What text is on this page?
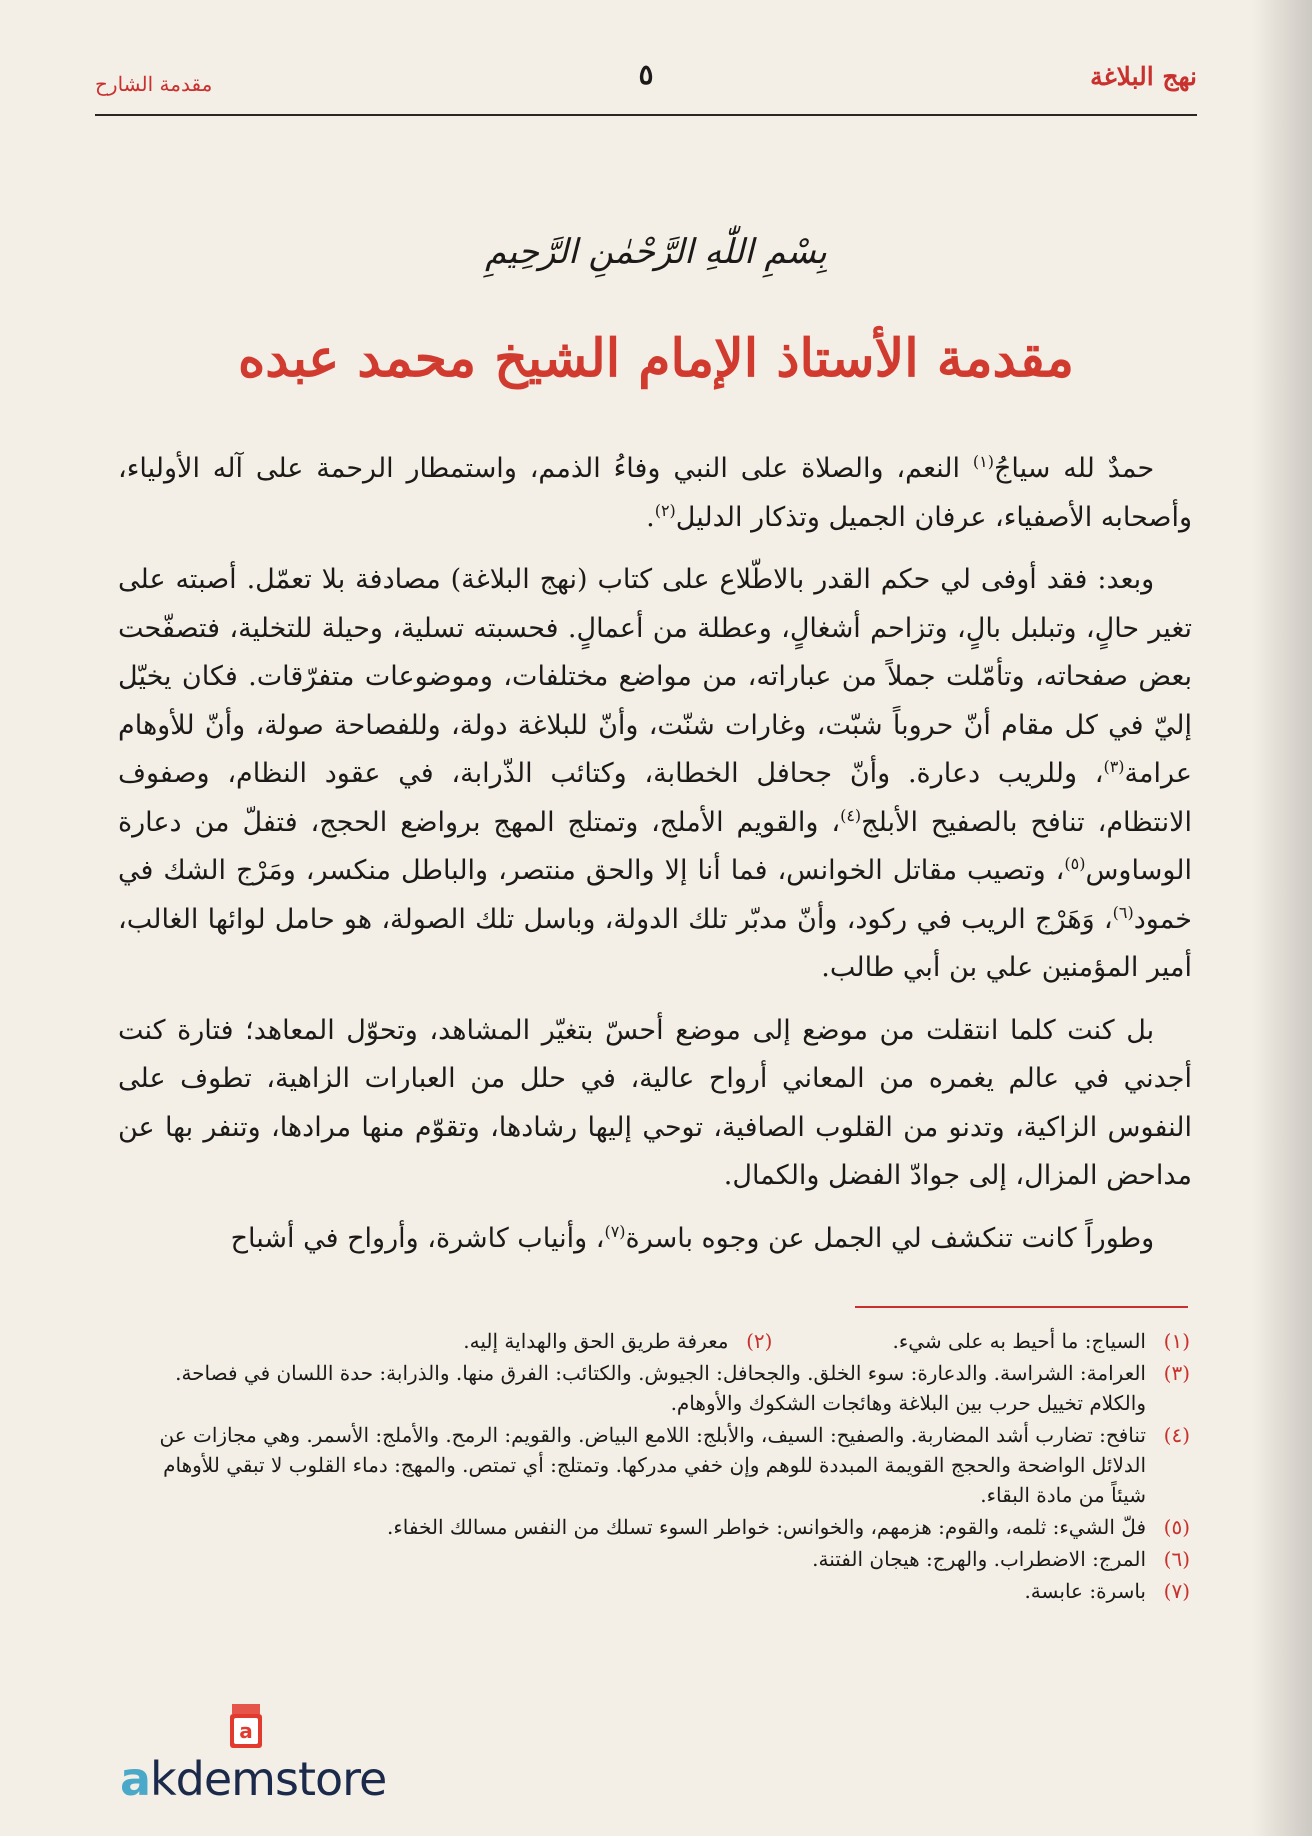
نهج البلاغة
٥
مقدمة الشارح
بِسْمِ اللّٰهِ الرَّحْمٰنِ الرَّحِيمِ
مقدمة الأستاذ الإمام الشيخ محمد عبده

حمدٌ لله سياجُ$^{(١)}$ النعم، والصلاة على النبي وفاءُ الذمم، واستمطار الرحمة على آله الأولياء، وأصحابه الأصفياء، عرفان الجميل وتذكار الدليل$^{(٢)}$.

وبعد: فقد أوفى لي حكم القدر بالاطّلاع على كتاب (نهج البلاغة) مصادفة بلا تعمّل. أصبته على تغير حالٍ، وتبلبل بالٍ، وتزاحم أشغالٍ، وعطلة من أعمالٍ. فحسبته تسلية، وحيلة للتخلية، فتصفّحت بعض صفحاته، وتأمّلت جملاً من عباراته، من مواضع مختلفات، وموضوعات متفرّقات. فكان يخيّل إليّ في كل مقام أنّ حروباً شبّت، وغارات شنّت، وأنّ للبلاغة دولة، وللفصاحة صولة، وأنّ للأوهام عرامة$^{(٣)}$، وللريب دعارة. وأنّ جحافل الخطابة، وكتائب الذّرابة، في عقود النظام، وصفوف الانتظام، تنافح بالصفيح الأبلج$^{(٤)}$، والقويم الأملج، وتمتلج المهج برواضع الحجج، فتفلّ من دعارة الوساوس$^{(٥)}$، وتصيب مقاتل الخوانس، فما أنا إلا والحق منتصر، والباطل منكسر، ومَرْج الشك في خمود$^{(٦)}$، وَهَرْج الريب في ركود، وأنّ مدبّر تلك الدولة، وباسل تلك الصولة، هو حامل لوائها الغالب، أمير المؤمنين علي بن أبي طالب.

بل كنت كلما انتقلت من موضع إلى موضع أحسّ بتغيّر المشاهد، وتحوّل المعاهد؛ فتارة كنت أجدني في عالم يغمره من المعاني أرواح عالية، في حلل من العبارات الزاهية، تطوف على النفوس الزاكية، وتدنو من القلوب الصافية، توحي إليها رشادها، وتقوّم منها مرادها، وتنفر بها عن مداحض المزال، إلى جوادّ الفضل والكمال.

وطوراً كانت تنكشف لي الجمل عن وجوه باسرة$^{(٧)}$، وأنياب كاشرة، وأرواح في أشباح

(١)
السياج: ما أحيط به على شيء.
(٢)
معرفة طريق الحق والهداية إليه.
(٣)
العرامة: الشراسة. والدعارة: سوء الخلق. والجحافل: الجيوش. والكتائب: الفرق منها. والذرابة: حدة اللسان في فصاحة. والكلام تخييل حرب بين البلاغة وهائجات الشكوك والأوهام.
(٤)
تنافح: تضارب أشد المضاربة. والصفيح: السيف، والأبلج: اللامع البياض. والقويم: الرمح. والأملج: الأسمر. وهي مجازات عن الدلائل الواضحة والحجج القويمة المبددة للوهم وإن خفي مدركها. وتمتلج: أي تمتص. والمهج: دماء القلوب لا تبقي للأوهام شيئاً من مادة البقاء.
(٥)
فلّ الشيء: ثلمه، والقوم: هزمهم، والخوانس: خواطر السوء تسلك من النفس مسالك الخفاء.
(٦)
المرج: الاضطراب. والهرج: هيجان الفتنة.
(٧)
باسرة: عابسة.
a
akdemstore
